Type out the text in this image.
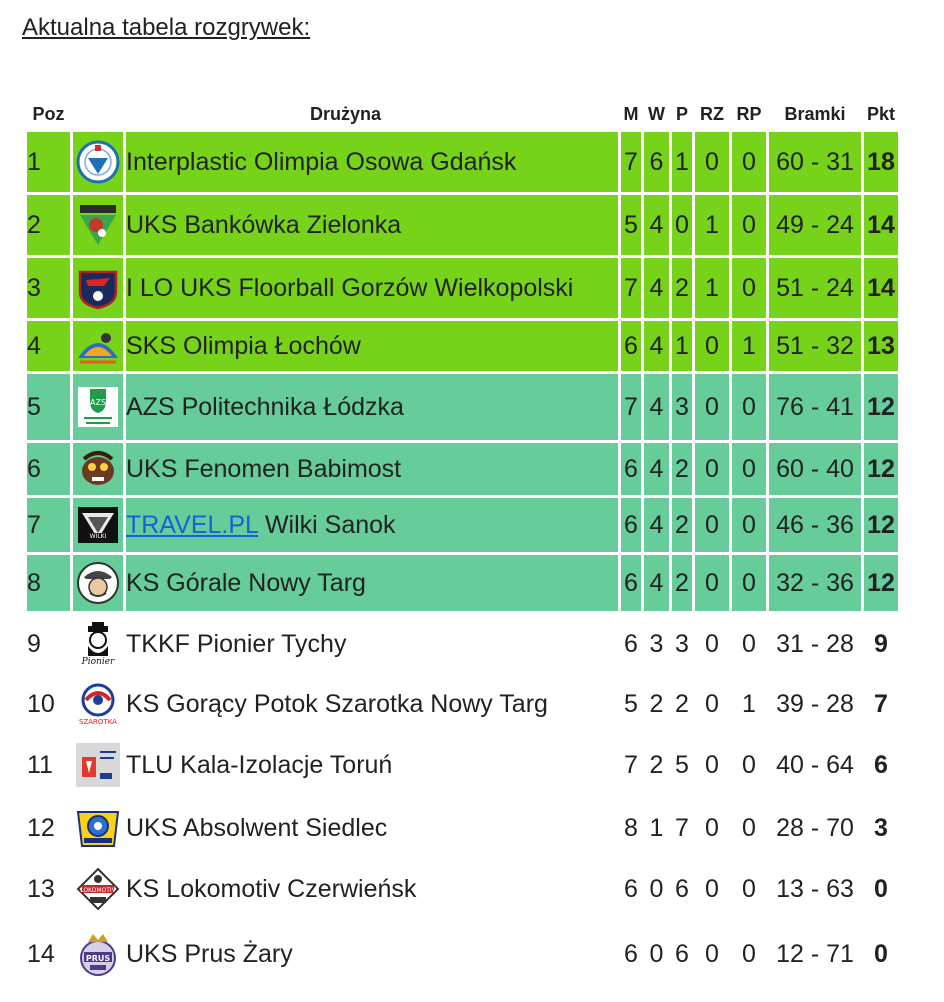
Aktualna tabela rozgrywek:
Poz	Drużyna		M	W	P	RZ	RP	Bramki	Pkt
1		Interplastic Olimpia Osowa Gdańsk	7	6	1	0	0	60 - 31	18
2		UKS Bankówka Zielonka	5	4	0	1	0	49 - 24	14
3		I LO UKS Floorball Gorzów Wielkopolski	7	4	2	1	0	51 - 24	14
4		SKS Olimpia Łochów	6	4	1	0	1	51 - 32	13
5	AZS	AZS Politechnika Łódzka	7	4	3	0	0	76 - 41	12
6		UKS Fenomen Babimost	6	4	2	0	0	60 - 40	12
7	WILKI	TRAVEL.PL Wilki Sanok	6	4	2	0	0	46 - 36	12
8		KS Górale Nowy Targ	6	4	2	0	0	32 - 36	12
9	Pionier	TKKF Pionier Tychy	6	3	3	0	0	31 - 28	9
10	SZAROTKA	KS Gorący Potok Szarotka Nowy Targ	5	2	2	0	1	39 - 28	7
11		TLU Kala-Izolacje Toruń	7	2	5	0	0	40 - 64	6
12		UKS Absolwent Siedlec	8	1	7	0	0	28 - 70	3
13	LOKOMOTIV	KS Lokomotiv Czerwieńsk	6	0	6	0	0	13 - 63	0
14	PRUS	UKS Prus Żary	6	0	6	0	0	12 - 71	0
